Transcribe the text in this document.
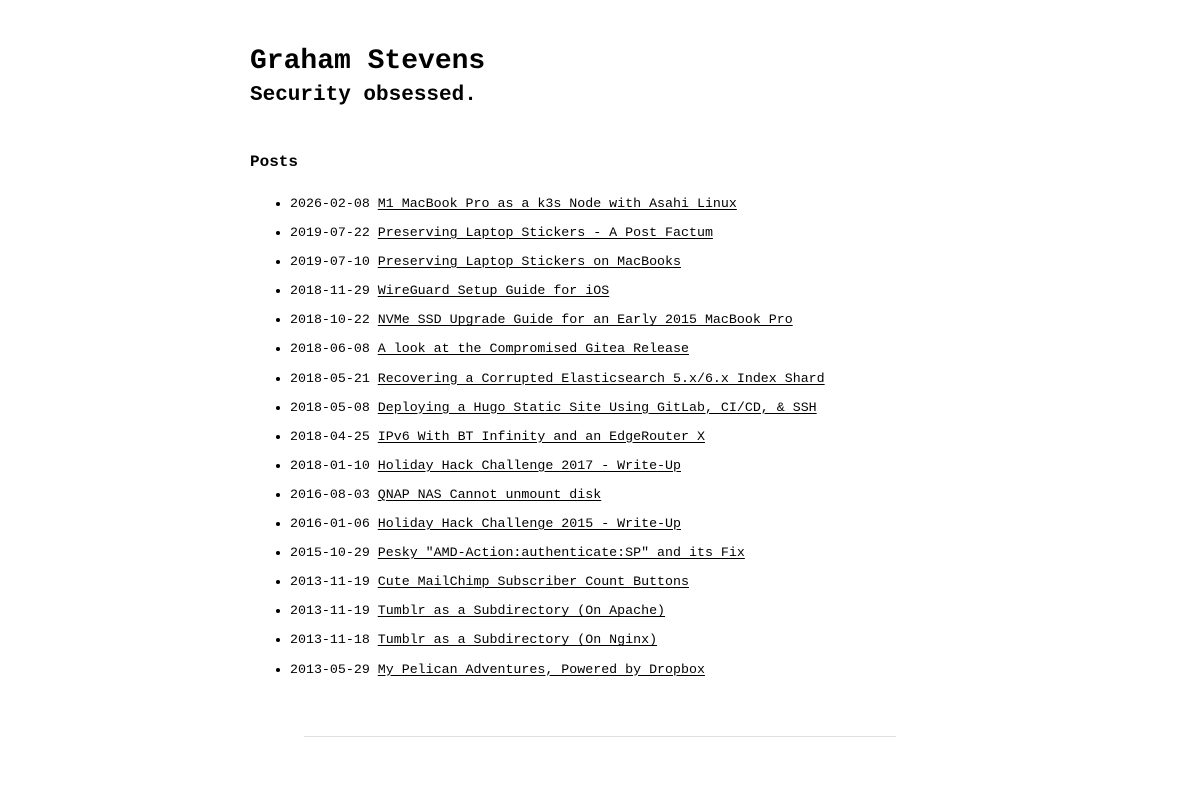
Graham Stevens
Security obsessed.
Posts
• 2026-02-08 M1 MacBook Pro as a k3s Node with Asahi Linux
• 2019-07-22 Preserving Laptop Stickers - A Post Factum
• 2019-07-10 Preserving Laptop Stickers on MacBooks
• 2018-11-29 WireGuard Setup Guide for iOS
• 2018-10-22 NVMe SSD Upgrade Guide for an Early 2015 MacBook Pro
• 2018-06-08 A look at the Compromised Gitea Release
• 2018-05-21 Recovering a Corrupted Elasticsearch 5.x/6.x Index Shard
• 2018-05-08 Deploying a Hugo Static Site Using GitLab, CI/CD, & SSH
• 2018-04-25 IPv6 With BT Infinity and an EdgeRouter X
• 2018-01-10 Holiday Hack Challenge 2017 - Write-Up
• 2016-08-03 QNAP NAS Cannot unmount disk
• 2016-01-06 Holiday Hack Challenge 2015 - Write-Up
• 2015-10-29 Pesky "AMD-Action:authenticate:SP" and its Fix
• 2013-11-19 Cute MailChimp Subscriber Count Buttons
• 2013-11-19 Tumblr as a Subdirectory (On Apache)
• 2013-11-18 Tumblr as a Subdirectory (On Nginx)
• 2013-05-29 My Pelican Adventures, Powered by Dropbox
